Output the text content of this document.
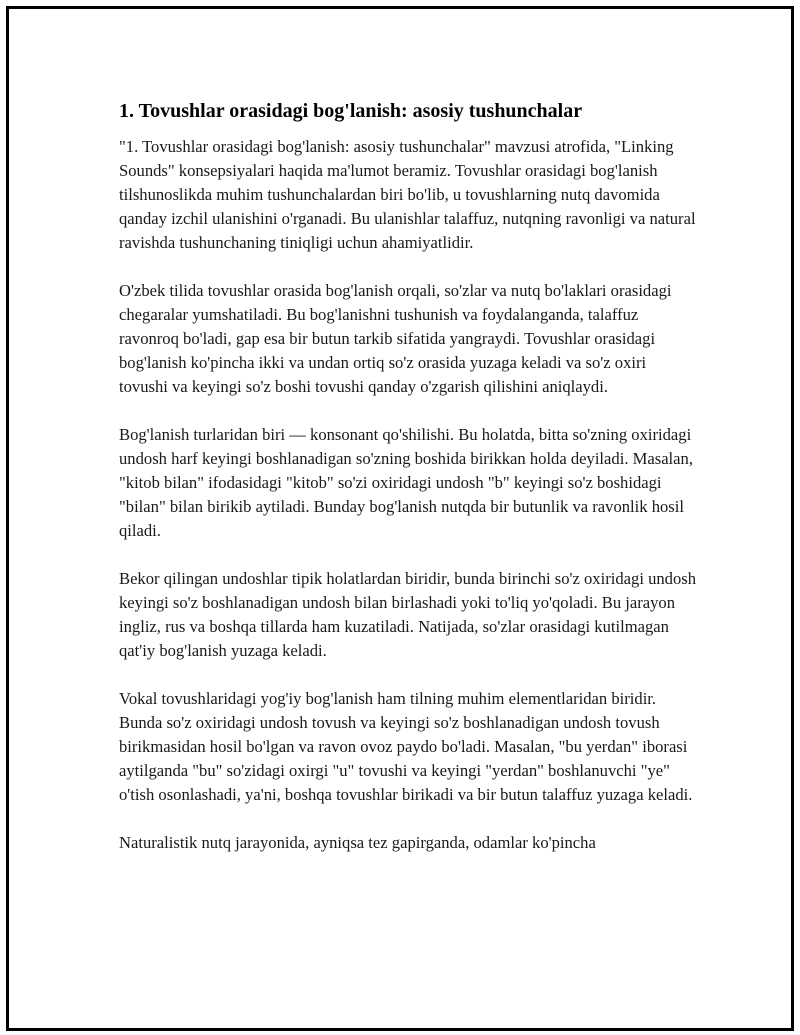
1. Tovushlar orasidagi bog'lanish: asosiy tushunchalar

"1. Tovushlar orasidagi bog'lanish: asosiy tushunchalar" mavzusi atrofida, "Linking Sounds" konsepsiyalari haqida ma'lumot beramiz. Tovushlar orasidagi bog'lanish tilshunoslikda muhim tushunchalardan biri bo'lib, u tovushlarning nutq davomida qanday izchil ulanishini o'rganadi. Bu ulanishlar talaffuz, nutqning ravonligi va natural ravishda tushunchaning tiniqligi uchun ahamiyatlidir.

O'zbek tilida tovushlar orasida bog'lanish orqali, so'zlar va nutq bo'laklari orasidagi chegaralar yumshatiladi. Bu bog'lanishni tushunish va foydalanganda, talaffuz ravonroq bo'ladi, gap esa bir butun tarkib sifatida yangraydi. Tovushlar orasidagi bog'lanish ko'pincha ikki va undan ortiq so'z orasida yuzaga keladi va so'z oxiri tovushi va keyingi so'z boshi tovushi qanday o'zgarish qilishini aniqlaydi.

Bog'lanish turlaridan biri — konsonant qo'shilishi. Bu holatda, bitta so'zning oxiridagi undosh harf keyingi boshlanadigan so'zning boshida birikkan holda deyiladi. Masalan, "kitob bilan" ifodasidagi "kitob" so'zi oxiridagi undosh "b" keyingi so'z boshidagi "bilan" bilan birikib aytiladi. Bunday bog'lanish nutqda bir butunlik va ravonlik hosil qiladi.

Bekor qilingan undoshlar tipik holatlardan biridir, bunda birinchi so'z oxiridagi undosh keyingi so'z boshlanadigan undosh bilan birlashadi yoki to'liq yo'qoladi. Bu jarayon ingliz, rus va boshqa tillarda ham kuzatiladi. Natijada, so'zlar orasidagi kutilmagan qat'iy bog'lanish yuzaga keladi.

Vokal tovushlaridagi yog'iy bog'lanish ham tilning muhim elementlaridan biridir. Bunda so'z oxiridagi undosh tovush va keyingi so'z boshlanadigan undosh tovush birikmasidan hosil bo'lgan va ravon ovoz paydo bo'ladi. Masalan, "bu yerdan" iborasi aytilganda "bu" so'zidagi oxirgi "u" tovushi va keyingi "yerdan" boshlanuvchi "ye" o'tish osonlashadi, ya'ni, boshqa tovushlar birikadi va bir butun talaffuz yuzaga keladi.

Naturalistik nutq jarayonida, ayniqsa tez gapirganda, odamlar ko'pincha
